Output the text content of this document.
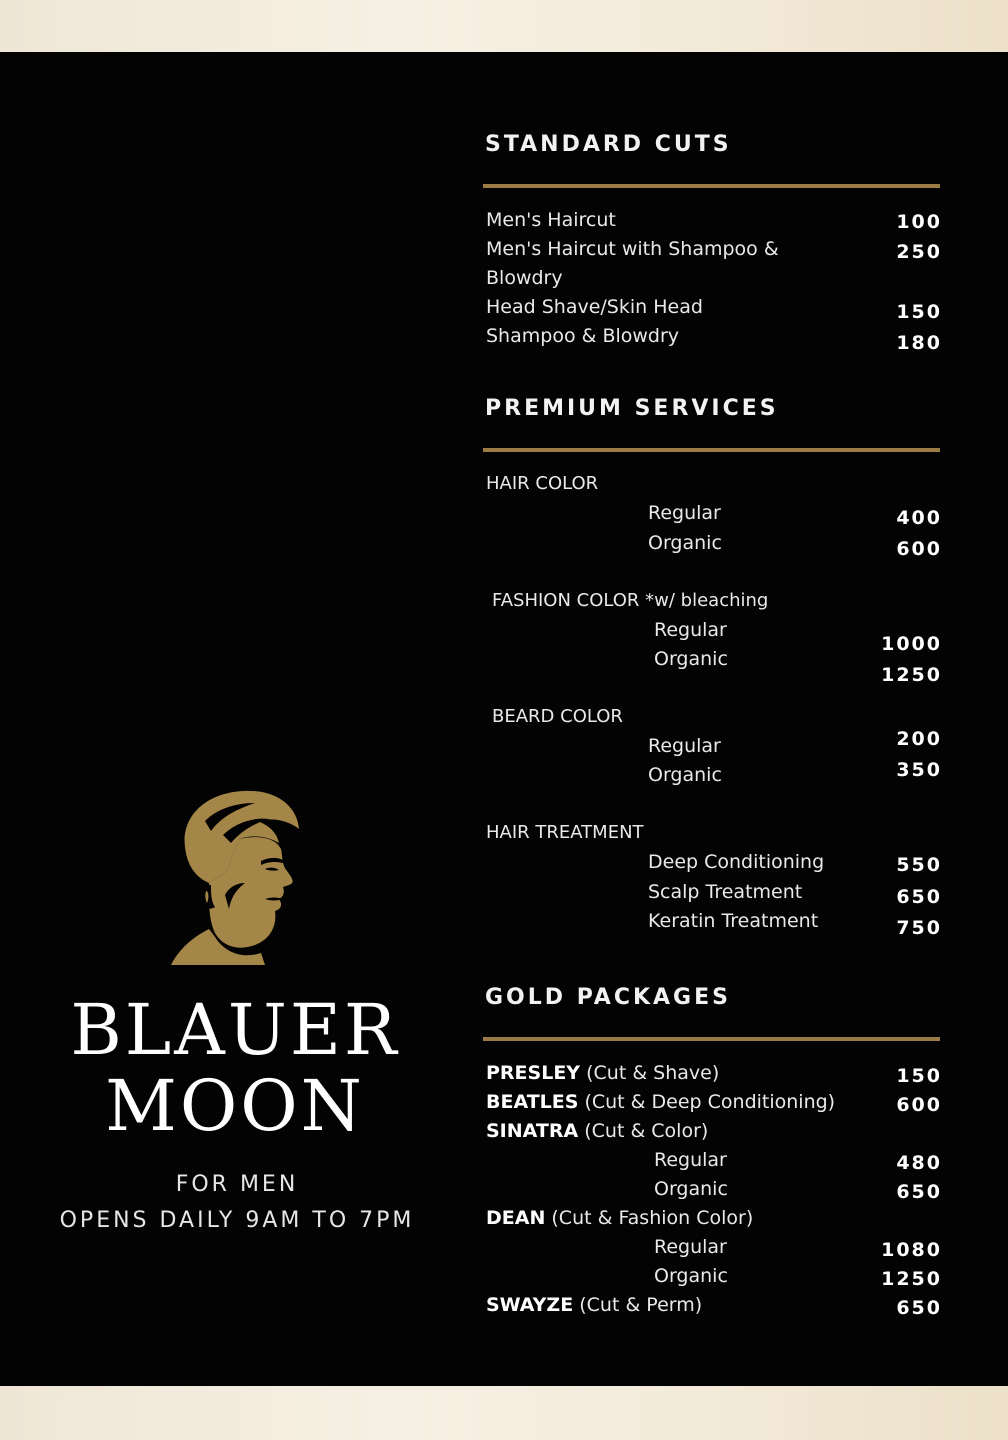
BLAUER
MOON
FOR MEN
OPENS DAILY 9AM TO 7PM
STANDARD CUTS
Men's Haircut	100
Men's Haircut with Shampoo &
Blowdry
250
Head Shave/Skin Head	150
Shampoo & Blowdry	180
PREMIUM SERVICES
HAIR COLOR
Regular	400
Organic	600
FASHION COLOR *w/ bleaching
Regular
1000
Organic
1250
BEARD COLOR
Regular	200
Organic	350
HAIR TREATMENT
Deep Conditioning	550
Scalp Treatment	650
Keratin Treatment	750
GOLD PACKAGES
PRESLEY (Cut & Shave)	150
BEATLES (Cut & Deep Conditioning)	600
SINATRA (Cut & Color)
Regular	480
Organic	650
DEAN (Cut & Fashion Color)
Regular	1080
Organic	1250
SWAYZE (Cut & Perm)	650
